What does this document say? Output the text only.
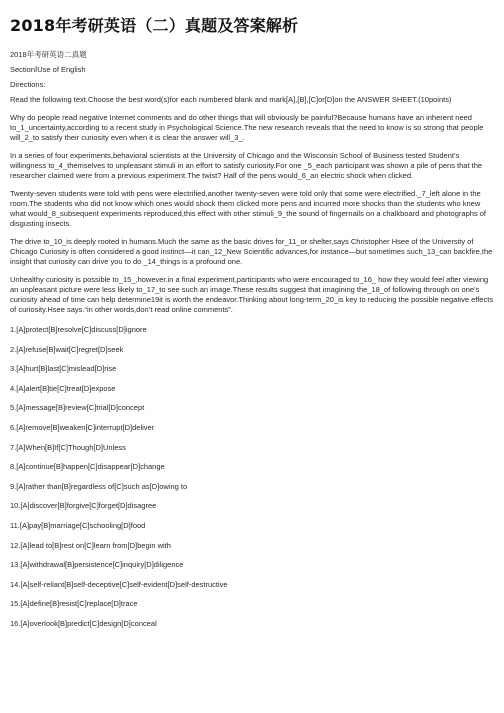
2018年考研英语（二）真题及答案解析

2018年考研英语二真题

SectionⅠUse of English

Directions:

Read the following text.Choose the best word(s)for each numbered blank and mark[A],[B],[C]or[D]on the ANSWER SHEET.(10points)

Why do people read negative Internet comments and do other things that will obviously be painful?Because humans have an inherent need to_1_uncertainty,according to a recent study in Psychological Science.The new research reveals that the need to know is so strong that people will_2_to satisfy their curiosity even when it is clear the answer will_3_.

In a series of four experiments,behavioral scientists at the University of Chicago and the Wisconsin School of Business tested Student’s willingness to_4_themselves to unpleasant stimuli in an effort to satisfy curiosity.For one _5_each participant was shown a pile of pens that the researcher claimed were from a previous experiment.The twist? Half of the pens would_6_an electric shock when clicked.

Twenty-seven students were told with pens were electrified,another twenty-seven were told only that some were electrified._7_left alone in the room.The students who did not know which ones would shock them clicked more pens and incurred more shocks than the students who knew what would_8_subsequent experiments reproduced,this effect with other stimuli_9_the sound of fingernails on a chalkboard and photographs of disgusting insects.

The drive to_10_is deeply rooted in humans.Much the same as the basic drives for_11_or shelter,says Christopher Hsee of the University of Chicago Curiosity is often considered a good instinct—it can_12_New Scientific advances,for instance—but sometimes such_13_can backfire,the insight that curiosity can drive you to do _14_things is a profound one.

Unhealthy curiosity is possible to_15_,however.in a final experiment,participants who were encouraged to_16_ how they would feel after viewing an unpleasant picture were less likely to_17_to see such an image.These results suggest that imagining the_18_of following through on one’s curiosity ahead of time can help determine19it is worth the endeavor.Thinking about long-term_20_is key to reducing the possible negative effects of curiosity.Hsee says.“in other words,don’t read online comments”.

1.[A]protect[B]resolve[C]discuss[D]ignore

2.[A]refuse[B]wait[C]regret[D]seek

3.[A]hurt[B]last[C]mislead[D]rise

4.[A]alert[B]tie[C]treat[D]expose

5.[A]message[B]review[C]trial[D]concept

6.[A]remove[B]weaken[C]interrupt[D]deliver

7.[A]When[B]If[C]Though[D]Unless

8.[A]continue[B]happen[C]disappear[D]change

9.[A]rather than[B]regardless of[C]such as[D]owing to

10.[A]discover[B]forgive[C]forget[D]disagree

11.[A]pay[B]marriage[C]schooling[D]food

12.[A]lead to[B]rest on[C]learn from[D]begin with

13.[A]withdrawal[B]persistence[C]inquiry[D]diligence

14.[A]self-reliant[B]self-deceptive[C]self-evident[D]self-destructive

15.[A]define[B]resist[C]replace[D]trace

16.[A]overlook[B]predict[C]design[D]conceal
